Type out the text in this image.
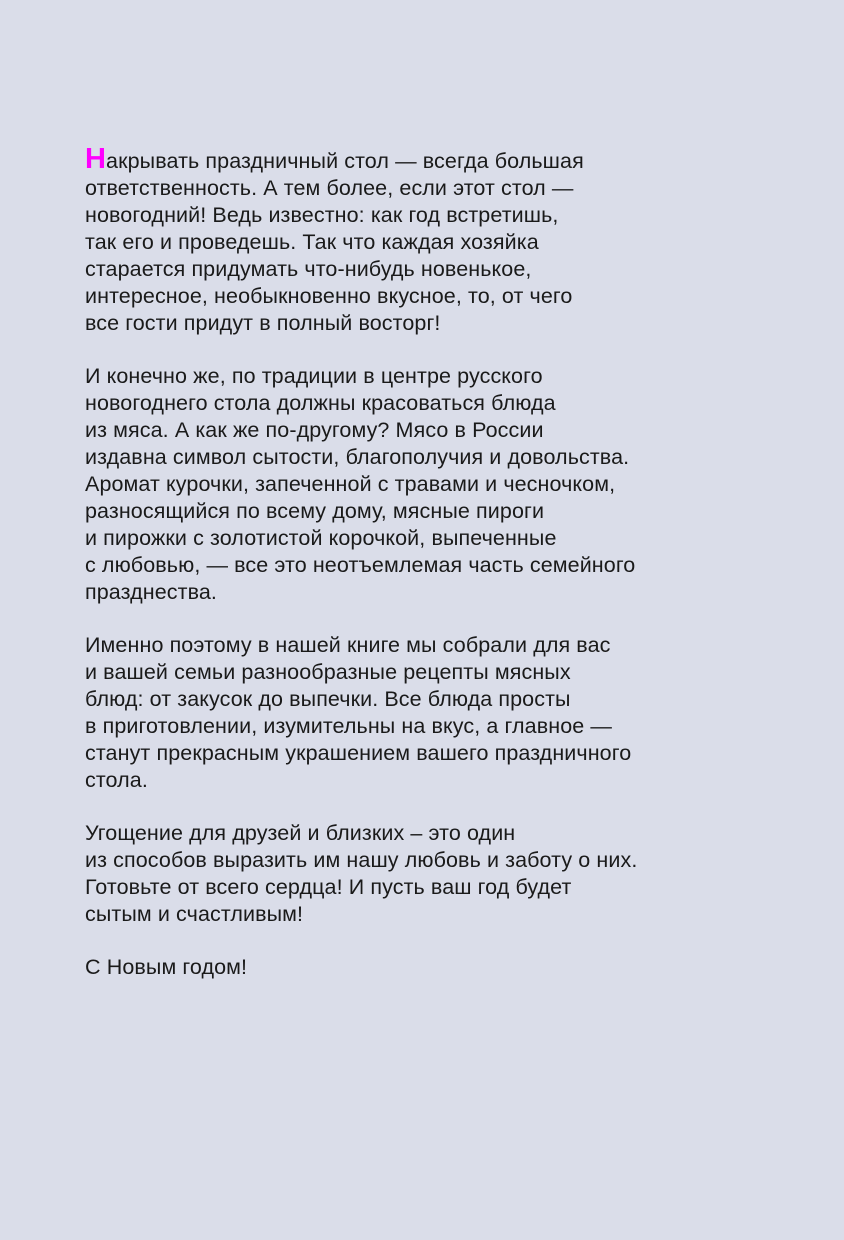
Накрывать праздничный стол — всегда большая
ответственность. А тем более, если этот стол —
новогодний! Ведь известно: как год встретишь,
так его и проведешь. Так что каждая хозяйка
старается придумать что-нибудь новенькое,
интересное, необыкновенно вкусное, то, от чего
все гости придут в полный восторг!

И конечно же, по традиции в центре русского
новогоднего стола должны красоваться блюда
из мяса. А как же по-другому? Мясо в России
издавна символ сытости, благополучия и довольства.
Аромат курочки, запеченной с травами и чесночком,
разносящийся по всему дому, мясные пироги
и пирожки с золотистой корочкой, выпеченные
с любовью, — все это неотъемлемая часть семейного
празднества.

Именно поэтому в нашей книге мы собрали для вас
и вашей семьи разнообразные рецепты мясных
блюд: от закусок до выпечки. Все блюда просты
в приготовлении, изумительны на вкус, а главное —
станут прекрасным украшением вашего праздничного
стола.

Угощение для друзей и близких – это один
из способов выразить им нашу любовь и заботу о них.
Готовьте от всего сердца! И пусть ваш год будет
сытым и счастливым!

С Новым годом!
